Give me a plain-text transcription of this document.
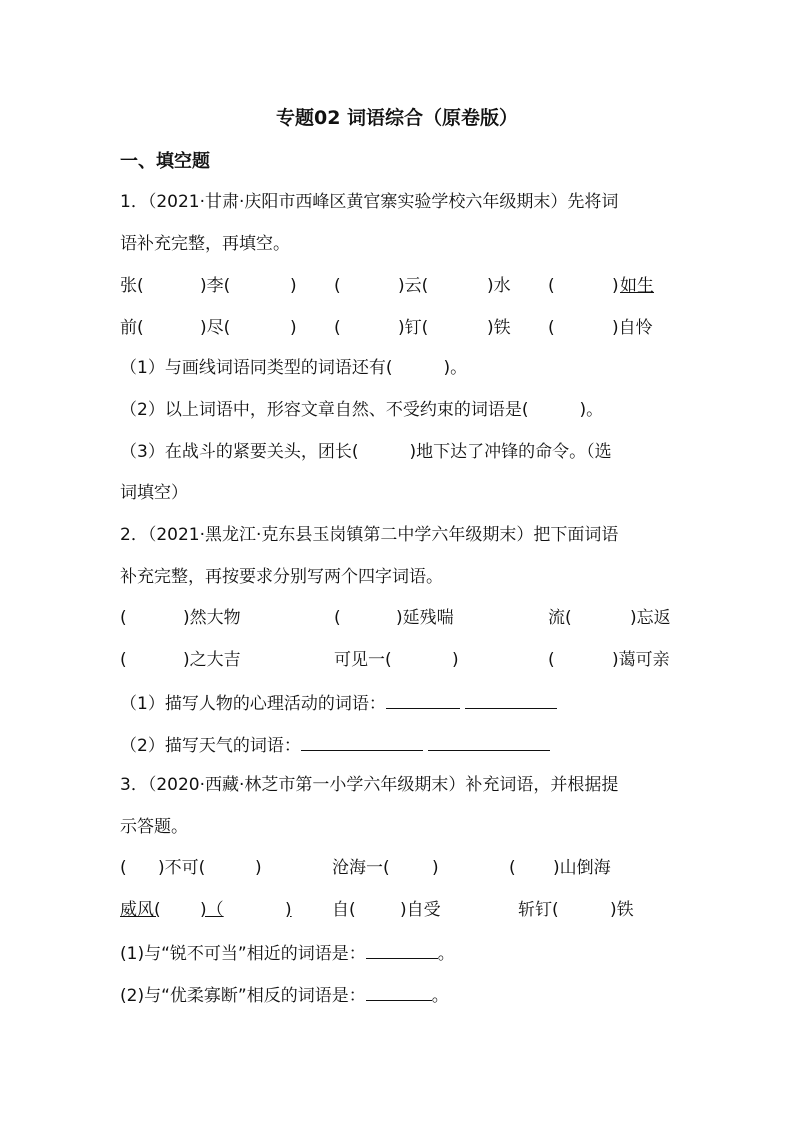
专题02 词语综合（原卷版）
一、填空题
1．（2021·甘肃·庆阳市西峰区黄官寨实验学校六年级期末）先将词
语补充完整，再填空。
张(	)李(	) (	)云(	)水 (	) 如生
前(	)尽(	) (	)钉(	)铁 (	)自怜
（1）与画线词语同类型的词语还有(　　　)。
（2）以上词语中，形容文章自然、不受约束的词语是(　　　)。
（3）在战斗的紧要关头，团长(　　　)地下达了冲锋的命令。（选
词填空）
2．（2021·黑龙江·克东县玉岗镇第二中学六年级期末）把下面词语
补充完整，再按要求分别写两个四字词语。
(	)然大物	(	)延残喘	流(	)忘返
(	)之大吉	可见一(	)	(	)蔼可亲
（1）描写人物的心理活动的词语：
（2）描写天气的词语：
3．（2020·西藏·林芝市第一小学六年级期末）补充词语，并根据提
示答题。
( )不可(	)	沧海一( )	( )山倒海
威风( )（	) 自(	)自受	斩钉(	)铁
(1)与“锐不可当”相近的词语是：	。
(2)与“优柔寡断”相反的词语是：	。
